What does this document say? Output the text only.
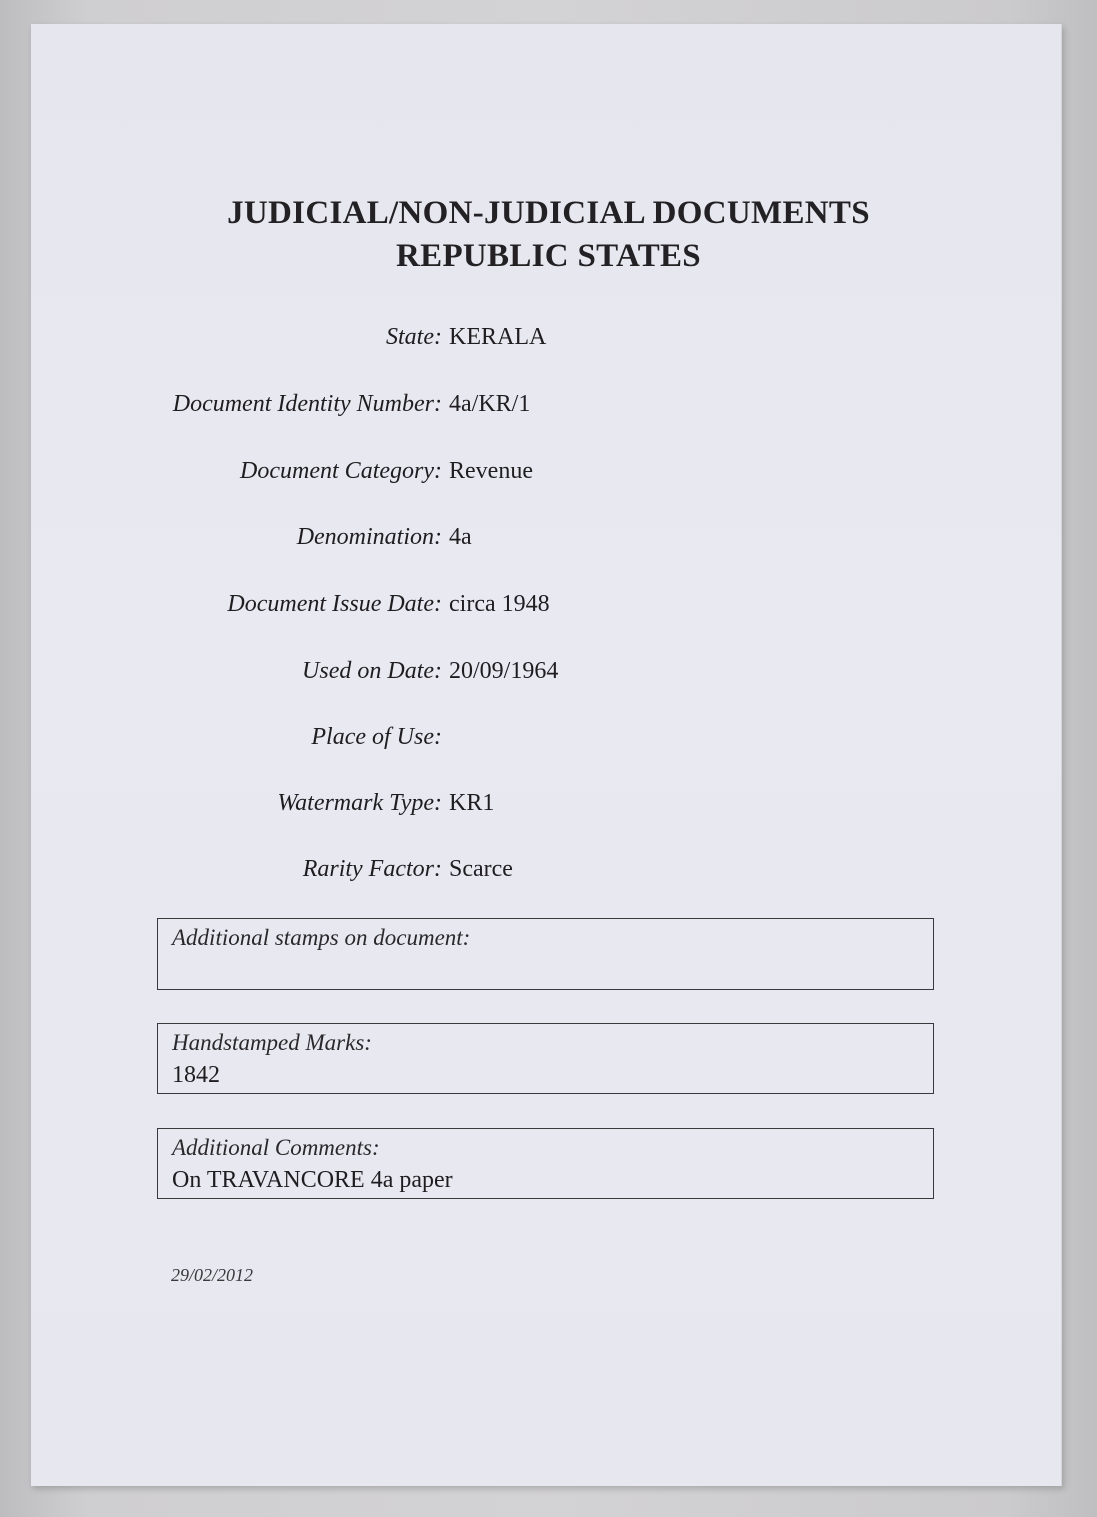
JUDICIAL/NON-JUDICIAL DOCUMENTS
REPUBLIC STATES
State: KERALA
Document Identity Number: 4a/KR/1
Document Category: Revenue
Denomination: 4a
Document Issue Date: circa 1948
Used on Date: 20/09/1964
Place of Use:
Watermark Type: KR1
Rarity Factor: Scarce
Additional stamps on document:
Handstamped Marks:
1842
Additional Comments:
On TRAVANCORE 4a paper
29/02/2012
